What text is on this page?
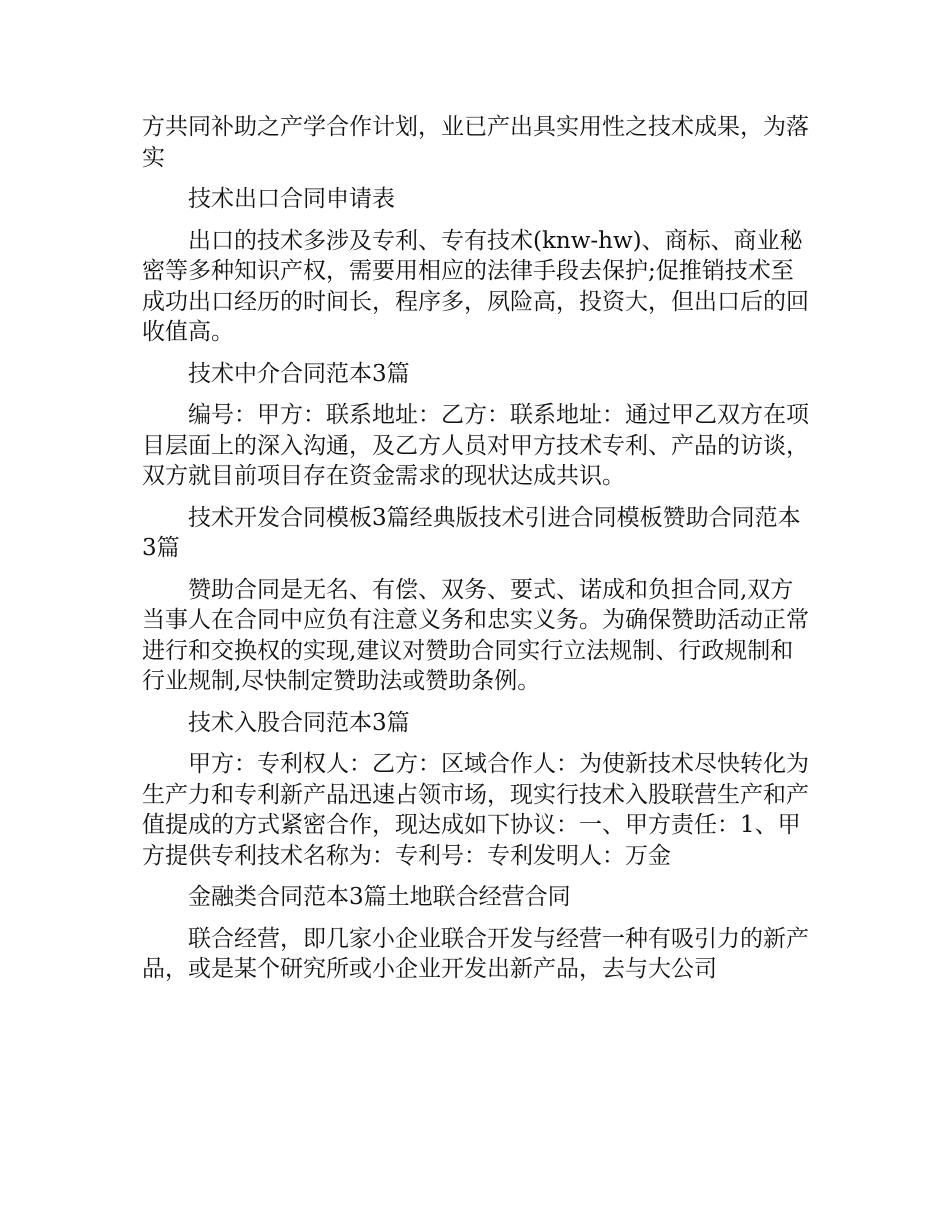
方共同补助之产学合作计划，业已产出具实用性之技术成果，为落实

技术出口合同申请表

出口的技术多涉及专利、专有技术(knw-hw)、商标、商业秘密等多种知识产权，需要用相应的法律手段去保护;促推销技术至成功出口经历的时间长，程序多，夙险高，投资大，但出口后的回收值高。

技术中介合同范本3篇

编号：甲方：联系地址：乙方：联系地址：通过甲乙双方在项目层面上的深入沟通，及乙方人员对甲方技术专利、产品的访谈，双方就目前项目存在资金需求的现状达成共识。

技术开发合同模板3篇经典版技术引进合同模板赞助合同范本3篇

赞助合同是无名、有偿、双务、要式、诺成和负担合同,双方当事人在合同中应负有注意义务和忠实义务。为确保赞助活动正常进行和交换权的实现,建议对赞助合同实行立法规制、行政规制和行业规制,尽快制定赞助法或赞助条例。

技术入股合同范本3篇

甲方：专利权人：乙方：区域合作人：为使新技术尽快转化为生产力和专利新产品迅速占领市场，现实行技术入股联营生产和产值提成的方式紧密合作，现达成如下协议：一、甲方责任：1、甲方提供专利技术名称为：专利号：专利发明人：万金

金融类合同范本3篇土地联合经营合同

联合经营，即几家小企业联合开发与经营一种有吸引力的新产品，或是某个研究所或小企业开发出新产品，去与大公司
